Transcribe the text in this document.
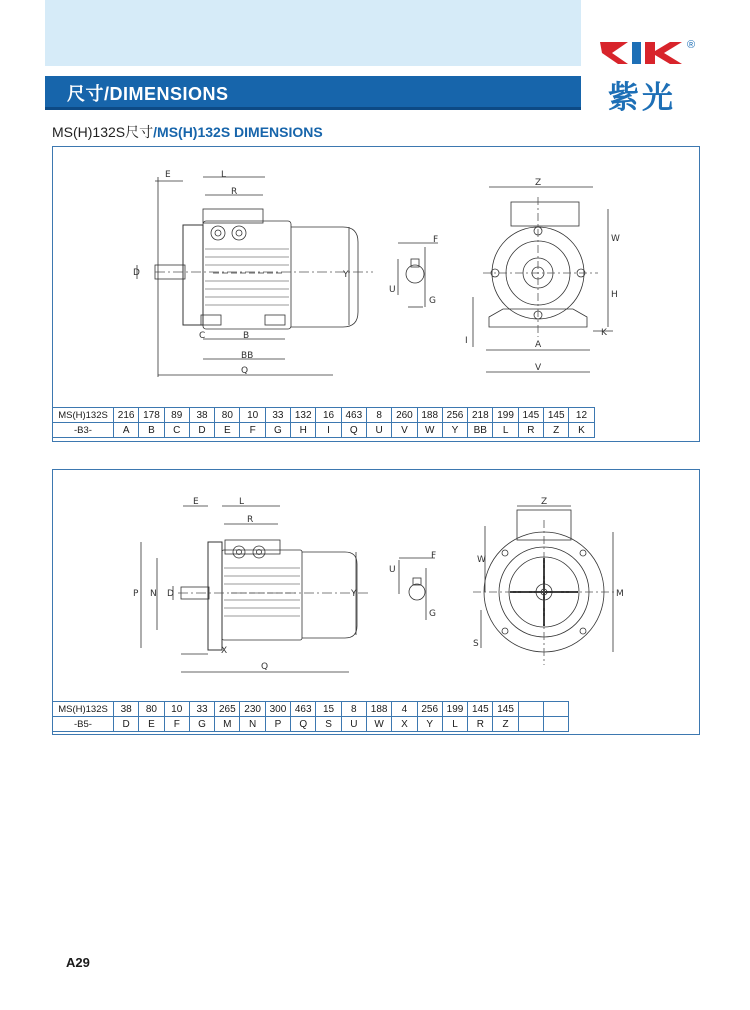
尺寸/DIMENSIONS
®
紫光
MS(H)132S尺寸/MS(H)132S DIMENSIONS
E	L
R
D	Y
C	B
BB
Q
F
U
G
Z
W
H
I	A
K
V
MS(H)132S	216	178	89	38	80	10	33	132	16	463	8	260	188	256	218	199	145	145	12
-B3-	A	B	C	D	E	F	G	H	I	Q	U	V	W	Y	BB	L	R	Z	K
E	L
R
P N D	Y
X
Q
F
U
G
Z
W
M
S
MS(H)132S	38	80	10	33	265	230	300	463	15	8	188	4	256	199	145	145		
-B5-	D	E	F	G	M	N	P	Q	S	U	W	X	Y	L	R	Z		
A29
